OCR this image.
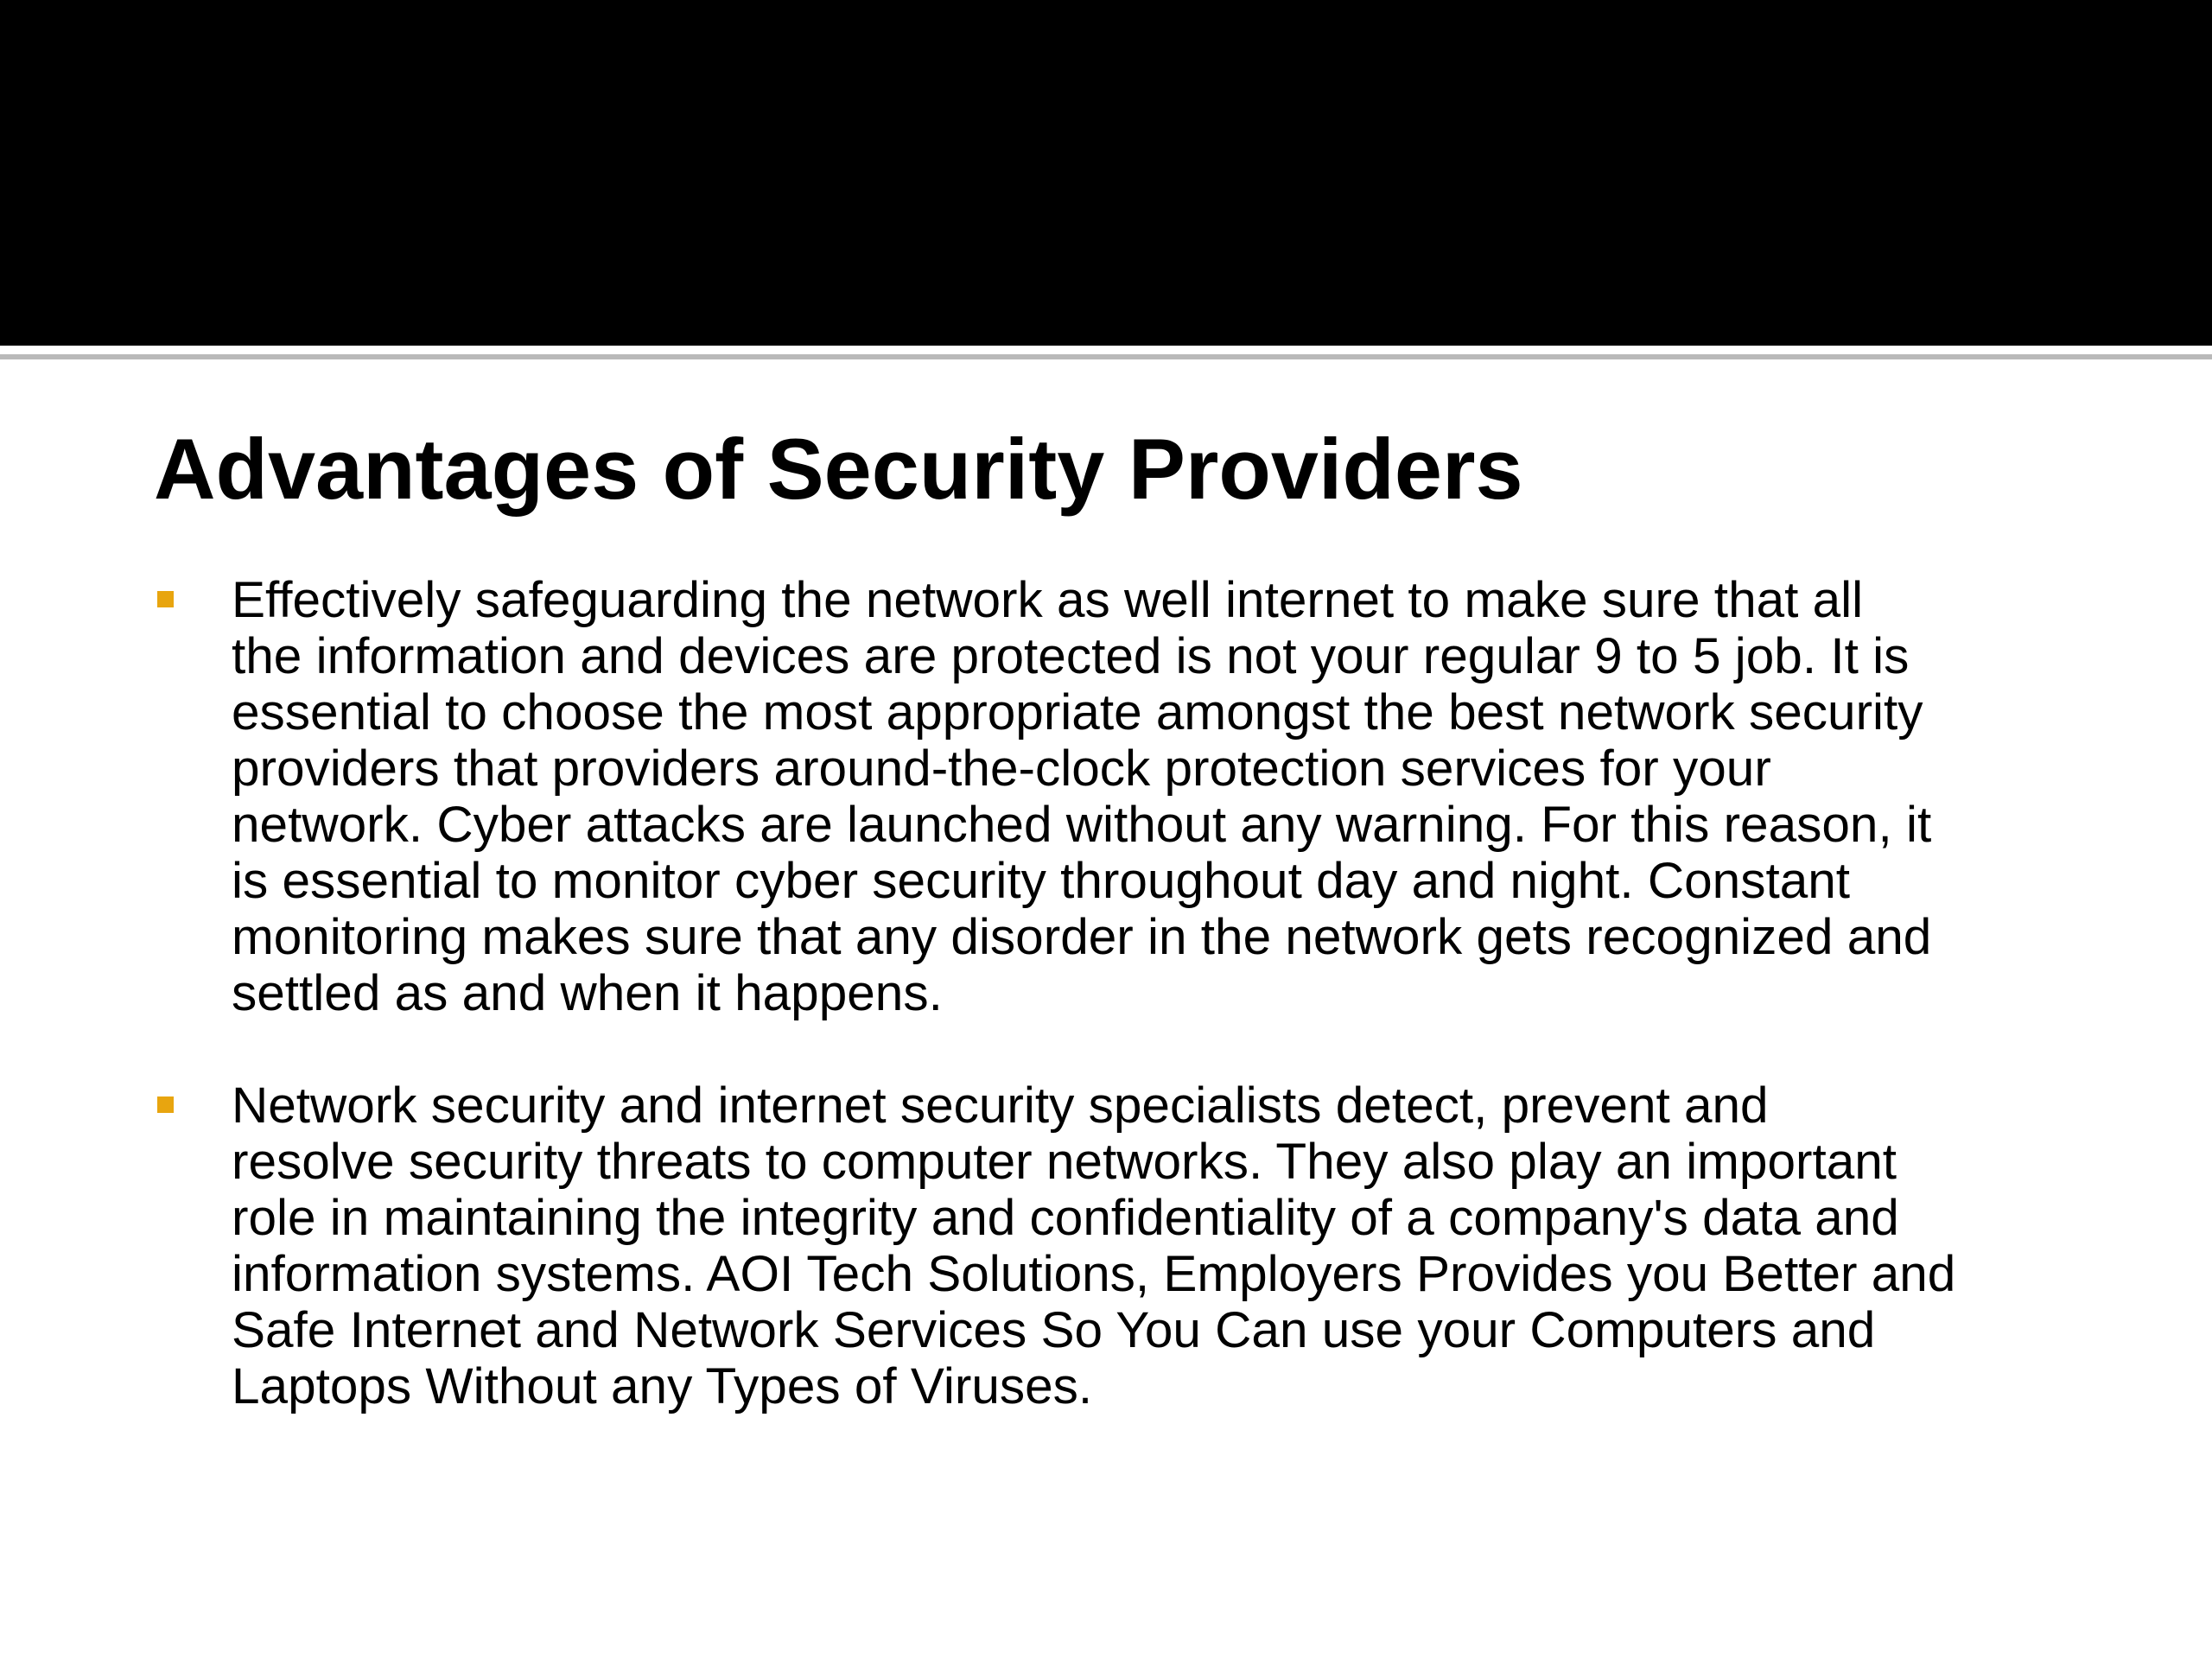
Advantages of Security Providers
Effectively safeguarding the network as well internet to make sure that all
the information and devices are protected is not your regular 9 to 5 job. It is
essential to choose the most appropriate amongst the best network security
providers that providers around-the-clock protection services for your
network. Cyber attacks are launched without any warning. For this reason, it
is essential to monitor cyber security throughout day and night. Constant
monitoring makes sure that any disorder in the network gets recognized and
settled as and when it happens.
Network security and internet security specialists detect, prevent and
resolve security threats to computer networks. They also play an important
role in maintaining the integrity and confidentiality of a company's data and
information systems. AOI Tech Solutions, Employers Provides you Better and
Safe Internet and Network Services So You Can use your Computers and
Laptops Without any Types of Viruses.
